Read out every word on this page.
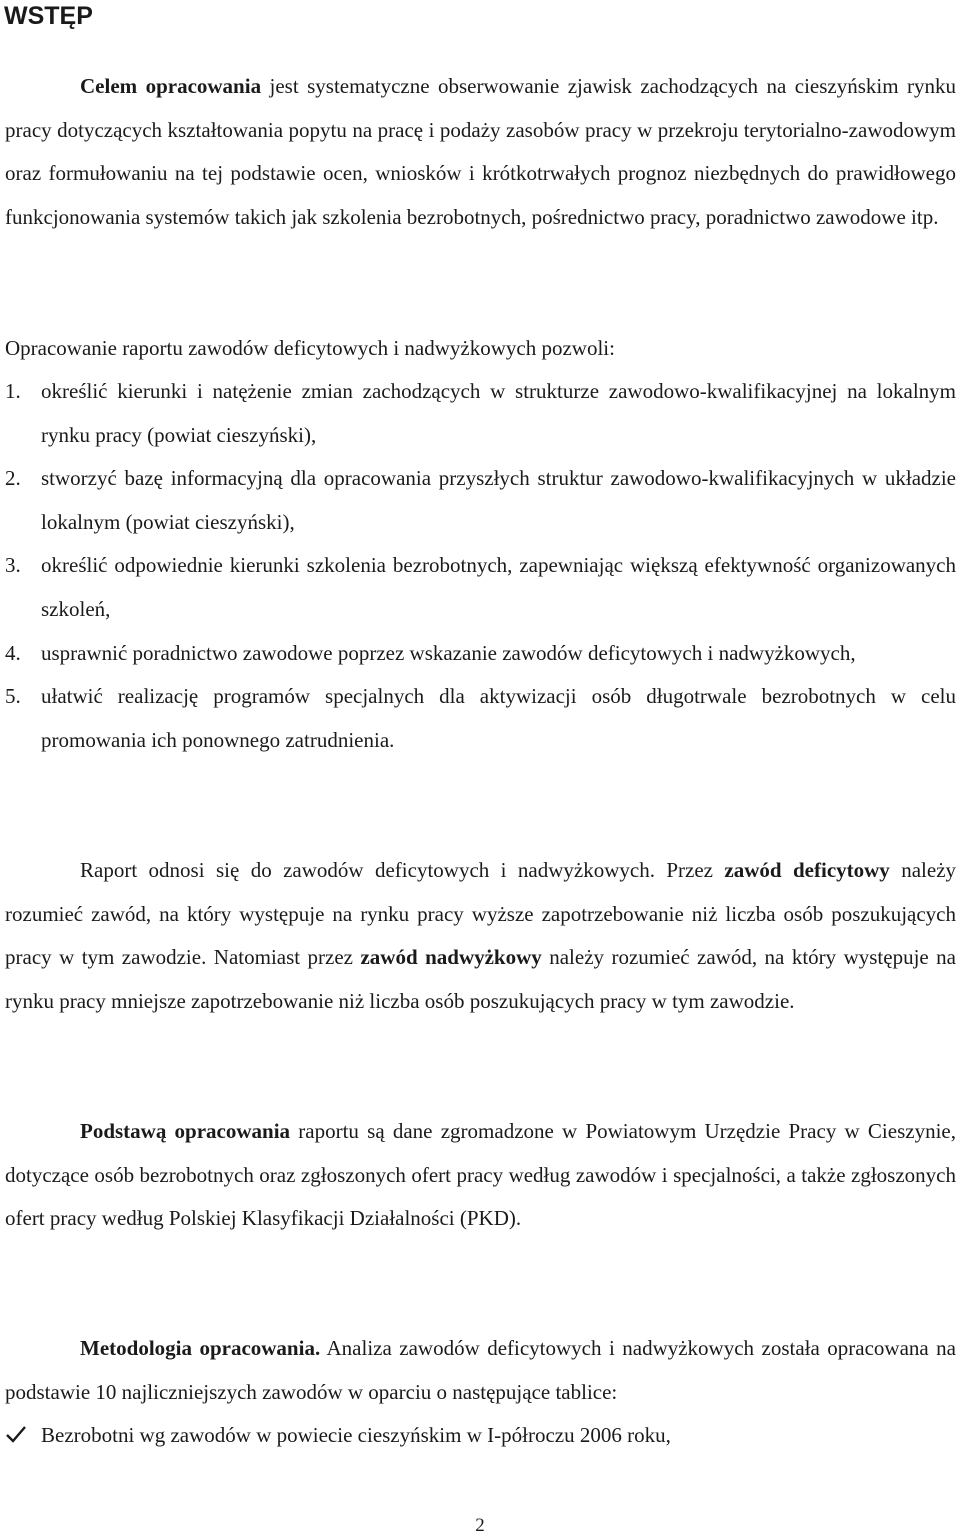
WSTĘP
Celem opracowania jest systematyczne obserwowanie zjawisk zachodzących na cieszyńskim rynku pracy dotyczących kształtowania popytu na pracę i podaży zasobów pracy w przekroju terytorialno-zawodowym oraz formułowaniu na tej podstawie ocen, wniosków i krótkotrwałych prognoz niezbędnych do prawidłowego funkcjonowania systemów takich jak szkolenia bezrobotnych, pośrednictwo pracy, poradnictwo zawodowe itp.
Opracowanie raportu zawodów deficytowych i nadwyżkowych pozwoli:
1. określić kierunki i natężenie zmian zachodzących w strukturze zawodowo-kwalifikacyjnej na lokalnym rynku pracy (powiat cieszyński),
2. stworzyć bazę informacyjną dla opracowania przyszłych struktur zawodowo-kwalifikacyjnych w układzie lokalnym (powiat cieszyński),
3. określić odpowiednie kierunki szkolenia bezrobotnych, zapewniając większą efektywność organizowanych szkoleń,
4. usprawnić poradnictwo zawodowe poprzez wskazanie zawodów deficytowych i nadwyżkowych,
5. ułatwić realizację programów specjalnych dla aktywizacji osób długotrwale bezrobotnych w celu promowania ich ponownego zatrudnienia.
Raport odnosi się do zawodów deficytowych i nadwyżkowych. Przez zawód deficytowy należy rozumieć zawód, na który występuje na rynku pracy wyższe zapotrzebowanie niż liczba osób poszukujących pracy w tym zawodzie. Natomiast przez zawód nadwyżkowy należy rozumieć zawód, na który występuje na rynku pracy mniejsze zapotrzebowanie niż liczba osób poszukujących pracy w tym zawodzie.
Podstawą opracowania raportu są dane zgromadzone w Powiatowym Urzędzie Pracy w Cieszynie, dotyczące osób bezrobotnych oraz zgłoszonych ofert pracy według zawodów i specjalności, a także zgłoszonych ofert pracy według Polskiej Klasyfikacji Działalności (PKD).
Metodologia opracowania. Analiza zawodów deficytowych i nadwyżkowych została opracowana na podstawie 10 najliczniejszych zawodów w oparciu o następujące tablice:
Bezrobotni wg zawodów w powiecie cieszyńskim w I-półroczu 2006 roku,
2
